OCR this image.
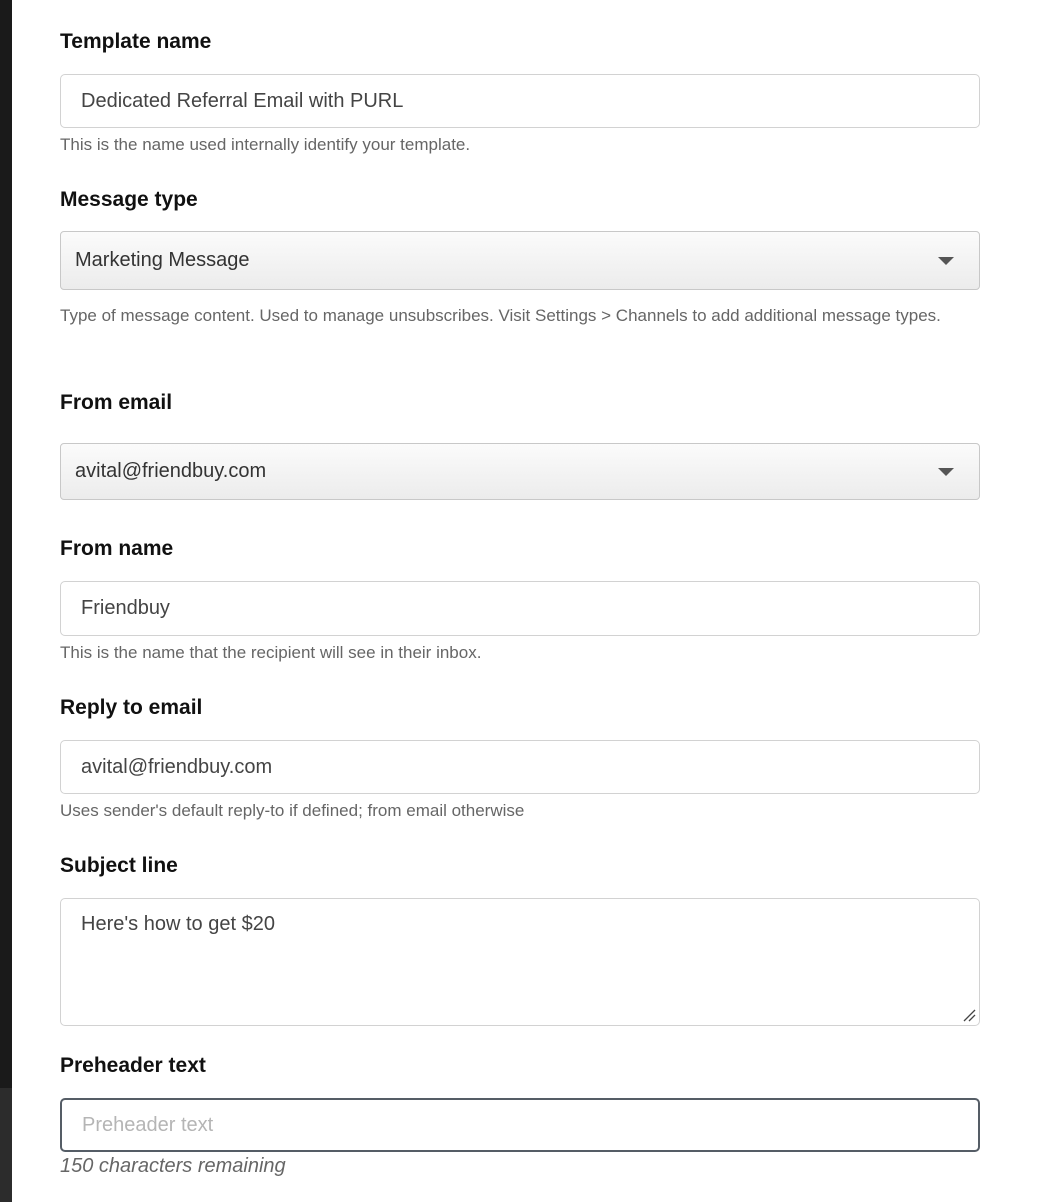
Template name
Dedicated Referral Email with PURL
This is the name used internally identify your template.
Message type
Marketing Message
Type of message content. Used to manage unsubscribes. Visit Settings > Channels to add additional message types.
From email
avital@friendbuy.com
From name
Friendbuy
This is the name that the recipient will see in their inbox.
Reply to email
avital@friendbuy.com
Uses sender's default reply-to if defined; from email otherwise
Subject line
Here's how to get $20
Preheader text
Preheader text
150 characters remaining
